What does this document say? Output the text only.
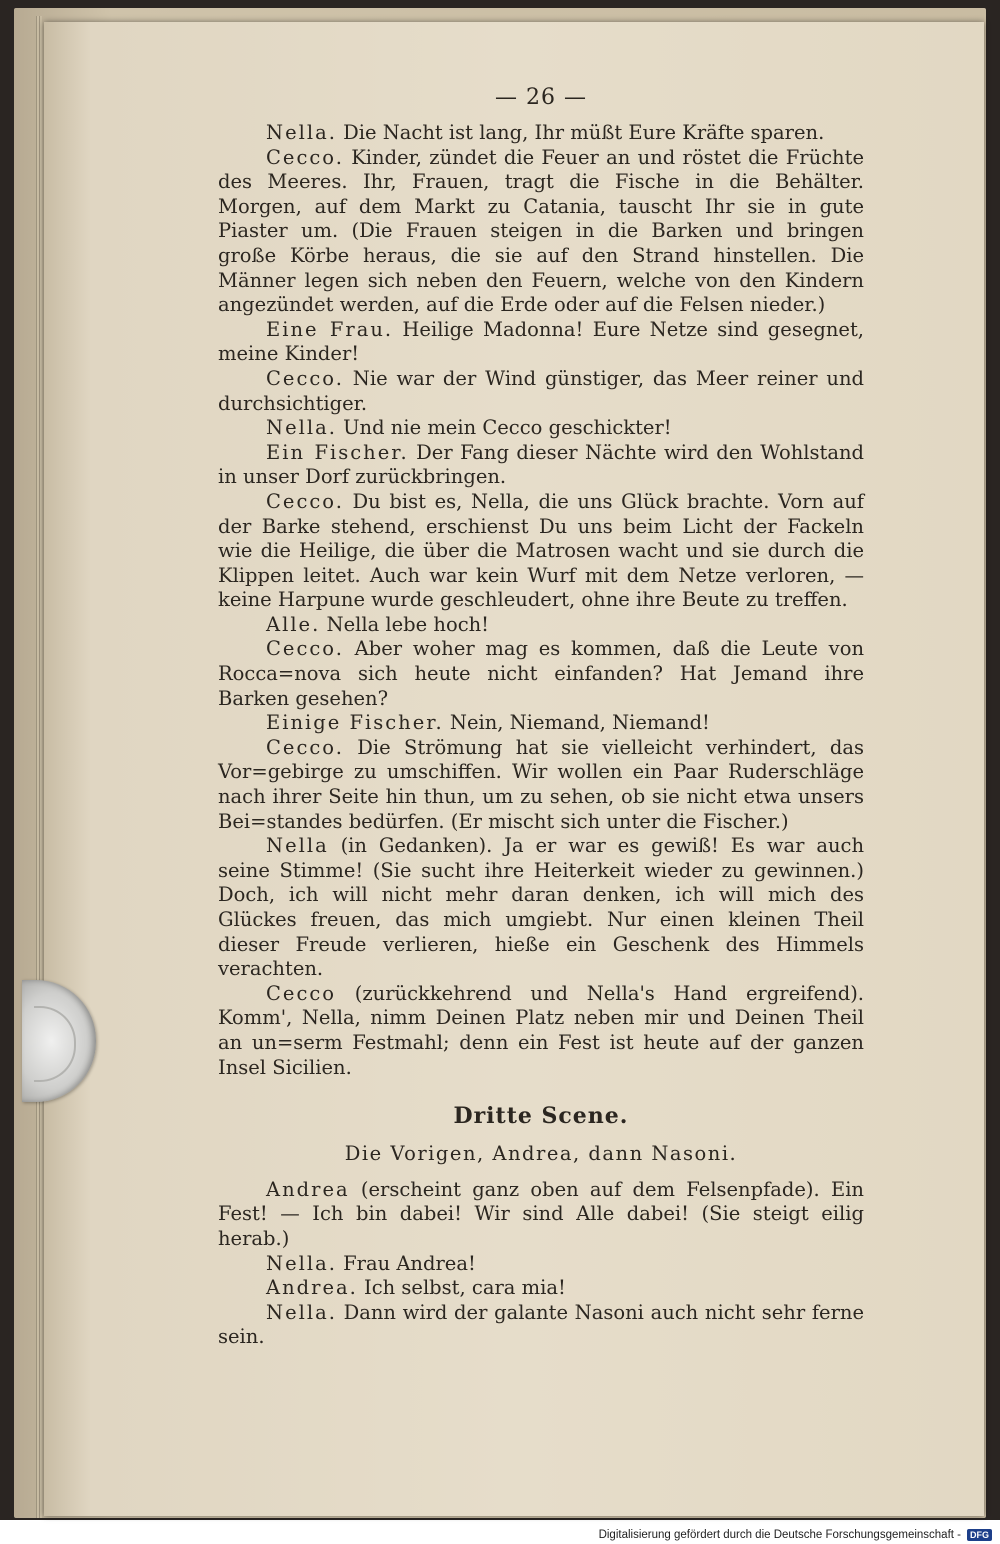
— 26 —

Nella. Die Nacht ist lang, Ihr müßt Eure Kräfte sparen.

Cecco. Kinder, zündet die Feuer an und röstet die Früchte des Meeres. Ihr, Frauen, tragt die Fische in die Behälter. Morgen, auf dem Markt zu Catania, tauscht Ihr sie in gute Piaster um. (Die Frauen steigen in die Barken und bringen große Körbe heraus, die sie auf den Strand hinstellen. Die Männer legen sich neben den Feuern, welche von den Kindern angezündet werden, auf die Erde oder auf die Felsen nieder.)

Eine Frau. Heilige Madonna! Eure Netze sind gesegnet, meine Kinder!

Cecco. Nie war der Wind günstiger, das Meer reiner und durchsichtiger.

Nella. Und nie mein Cecco geschickter!

Ein Fischer. Der Fang dieser Nächte wird den Wohlstand in unser Dorf zurückbringen.

Cecco. Du bist es, Nella, die uns Glück brachte. Vorn auf der Barke stehend, erschienst Du uns beim Licht der Fackeln wie die Heilige, die über die Matrosen wacht und sie durch die Klippen leitet. Auch war kein Wurf mit dem Netze verloren, — keine Harpune wurde geschleudert, ohne ihre Beute zu treffen.

Alle. Nella lebe hoch!

Cecco. Aber woher mag es kommen, daß die Leute von Rocca=nova sich heute nicht einfanden? Hat Jemand ihre Barken gesehen?

Einige Fischer. Nein, Niemand, Niemand!

Cecco. Die Strömung hat sie vielleicht verhindert, das Vor=gebirge zu umschiffen. Wir wollen ein Paar Ruderschläge nach ihrer Seite hin thun, um zu sehen, ob sie nicht etwa unsers Bei=standes bedürfen. (Er mischt sich unter die Fischer.)

Nella (in Gedanken). Ja er war es gewiß! Es war auch seine Stimme! (Sie sucht ihre Heiterkeit wieder zu gewinnen.) Doch, ich will nicht mehr daran denken, ich will mich des Glückes freuen, das mich umgiebt. Nur einen kleinen Theil dieser Freude verlieren, hieße ein Geschenk des Himmels verachten.

Cecco (zurückkehrend und Nella's Hand ergreifend). Komm', Nella, nimm Deinen Platz neben mir und Deinen Theil an un=serm Festmahl; denn ein Fest ist heute auf der ganzen Insel Sicilien.

Dritte Scene.
Die Vorigen, Andrea, dann Nasoni.

Andrea (erscheint ganz oben auf dem Felsenpfade). Ein Fest! — Ich bin dabei! Wir sind Alle dabei! (Sie steigt eilig herab.)

Nella. Frau Andrea!

Andrea. Ich selbst, cara mia!

Nella. Dann wird der galante Nasoni auch nicht sehr ferne sein.

Digitalisierung gefördert durch die Deutsche Forschungsgemeinschaft -	DFG
